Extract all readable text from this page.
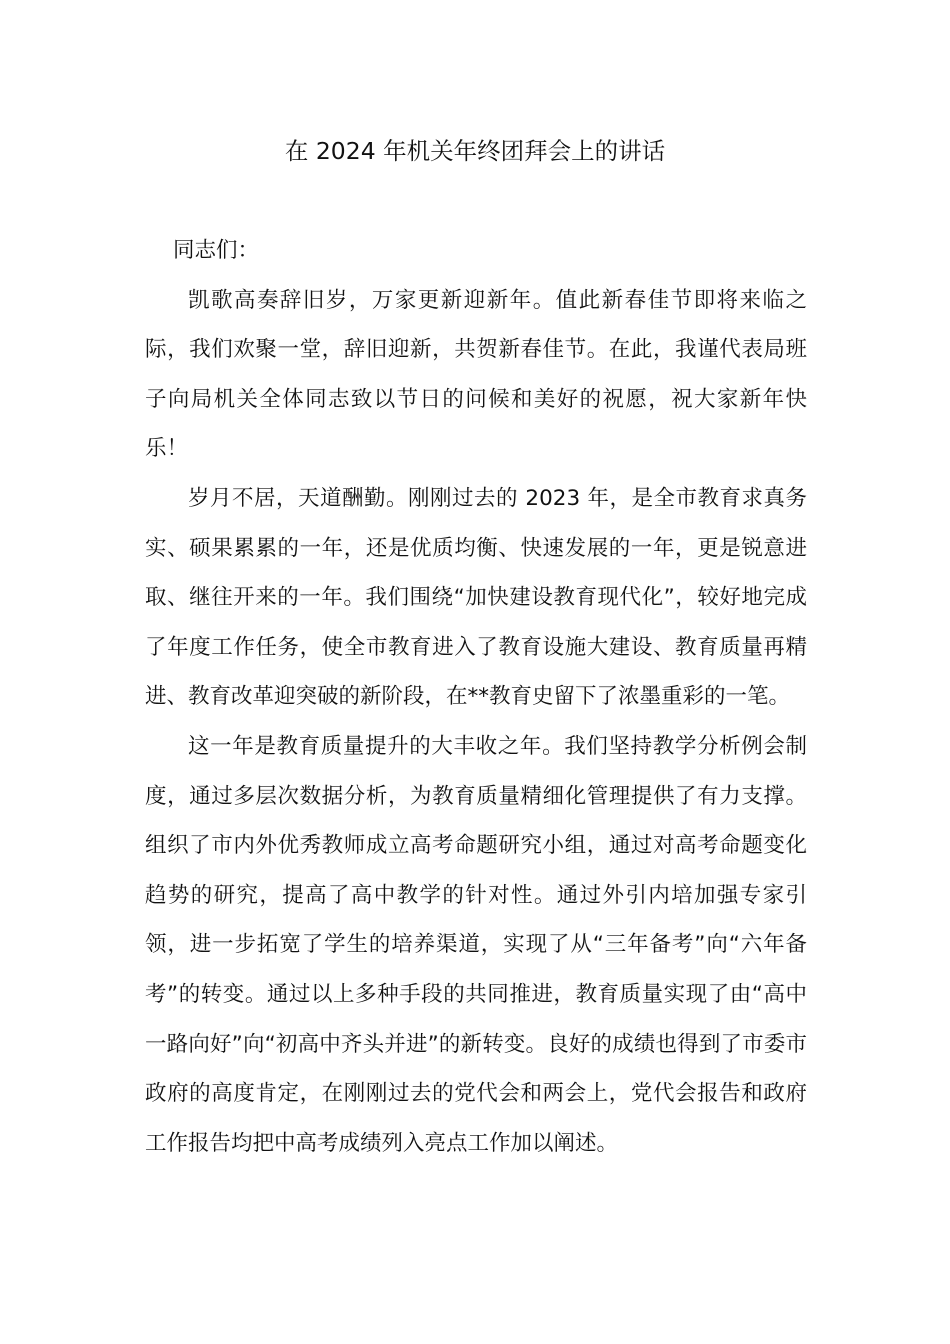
在 2024 年机关年终团拜会上的讲话

同志们：

凯歌高奏辞旧岁，万家更新迎新年。值此新春佳节即将来临之际，我们欢聚一堂，辞旧迎新，共贺新春佳节。在此，我谨代表局班子向局机关全体同志致以节日的问候和美好的祝愿，祝大家新年快乐！

岁月不居，天道酬勤。刚刚过去的 2023 年，是全市教育求真务实、硕果累累的一年，还是优质均衡、快速发展的一年，更是锐意进取、继往开来的一年。我们围绕“加快建设教育现代化”，较好地完成了年度工作任务，使全市教育进入了教育设施大建设、教育质量再精进、教育改革迎突破的新阶段，在**教育史留下了浓墨重彩的一笔。

这一年是教育质量提升的大丰收之年。我们坚持教学分析例会制度，通过多层次数据分析，为教育质量精细化管理提供了有力支撑。组织了市内外优秀教师成立高考命题研究小组，通过对高考命题变化趋势的研究，提高了高中教学的针对性。通过外引内培加强专家引领，进一步拓宽了学生的培养渠道，实现了从“三年备考”向“六年备考”的转变。通过以上多种手段的共同推进，教育质量实现了由“高中一路向好”向“初高中齐头并进”的新转变。良好的成绩也得到了市委市政府的高度肯定，在刚刚过去的党代会和两会上，党代会报告和政府工作报告均把中高考成绩列入亮点工作加以阐述。
